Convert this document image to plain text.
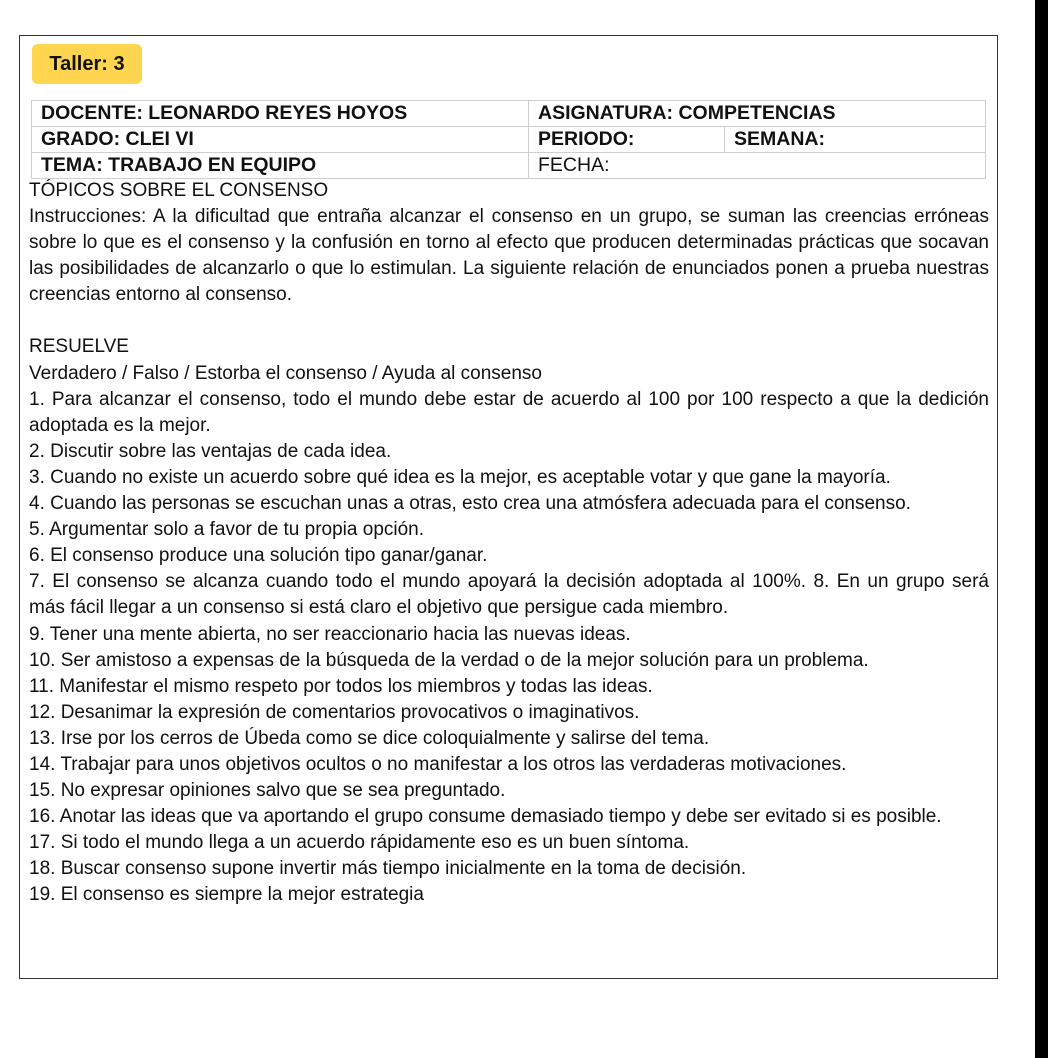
Taller: 3
DOCENTE: LEONARDO REYES HOYOS	ASIGNATURA: COMPETENCIAS	
GRADO: CLEI VI	PERIODO:	SEMANA:
TEMA: TRABAJO EN EQUIPO	FECHA:	

TÓPICOS SOBRE EL CONSENSO

Instrucciones: A la dificultad que entraña alcanzar el consenso en un grupo, se suman las creencias erróneas sobre lo que es el consenso y la confusión en torno al efecto que producen determinadas prácticas que socavan las posibilidades de alcanzarlo o que lo estimulan. La siguiente relación de enunciados ponen a prueba nuestras creencias entorno al consenso.

RESUELVE

Verdadero / Falso / Estorba el consenso / Ayuda al consenso

1. Para alcanzar el consenso, todo el mundo debe estar de acuerdo al 100 por 100 respecto a que la dedición adoptada es la mejor.

2. Discutir sobre las ventajas de cada idea.

3. Cuando no existe un acuerdo sobre qué idea es la mejor, es aceptable votar y que gane la mayoría.

4. Cuando las personas se escuchan unas a otras, esto crea una atmósfera adecuada para el consenso.

5. Argumentar solo a favor de tu propia opción.

6. El consenso produce una solución tipo ganar/ganar.

7. El consenso se alcanza cuando todo el mundo apoyará la decisión adoptada al 100%. 8. En un grupo será más fácil llegar a un consenso si está claro el objetivo que persigue cada miembro.

9. Tener una mente abierta, no ser reaccionario hacia las nuevas ideas.

10. Ser amistoso a expensas de la búsqueda de la verdad o de la mejor solución para un problema.

11. Manifestar el mismo respeto por todos los miembros y todas las ideas.

12. Desanimar la expresión de comentarios provocativos o imaginativos.

13. Irse por los cerros de Úbeda como se dice coloquialmente y salirse del tema.

14. Trabajar para unos objetivos ocultos o no manifestar a los otros las verdaderas motivaciones.

15. No expresar opiniones salvo que se sea preguntado.

16. Anotar las ideas que va aportando el grupo consume demasiado tiempo y debe ser evitado si es posible.

17. Si todo el mundo llega a un acuerdo rápidamente eso es un buen síntoma.

18. Buscar consenso supone invertir más tiempo inicialmente en la toma de decisión.

19. El consenso es siempre la mejor estrategia
